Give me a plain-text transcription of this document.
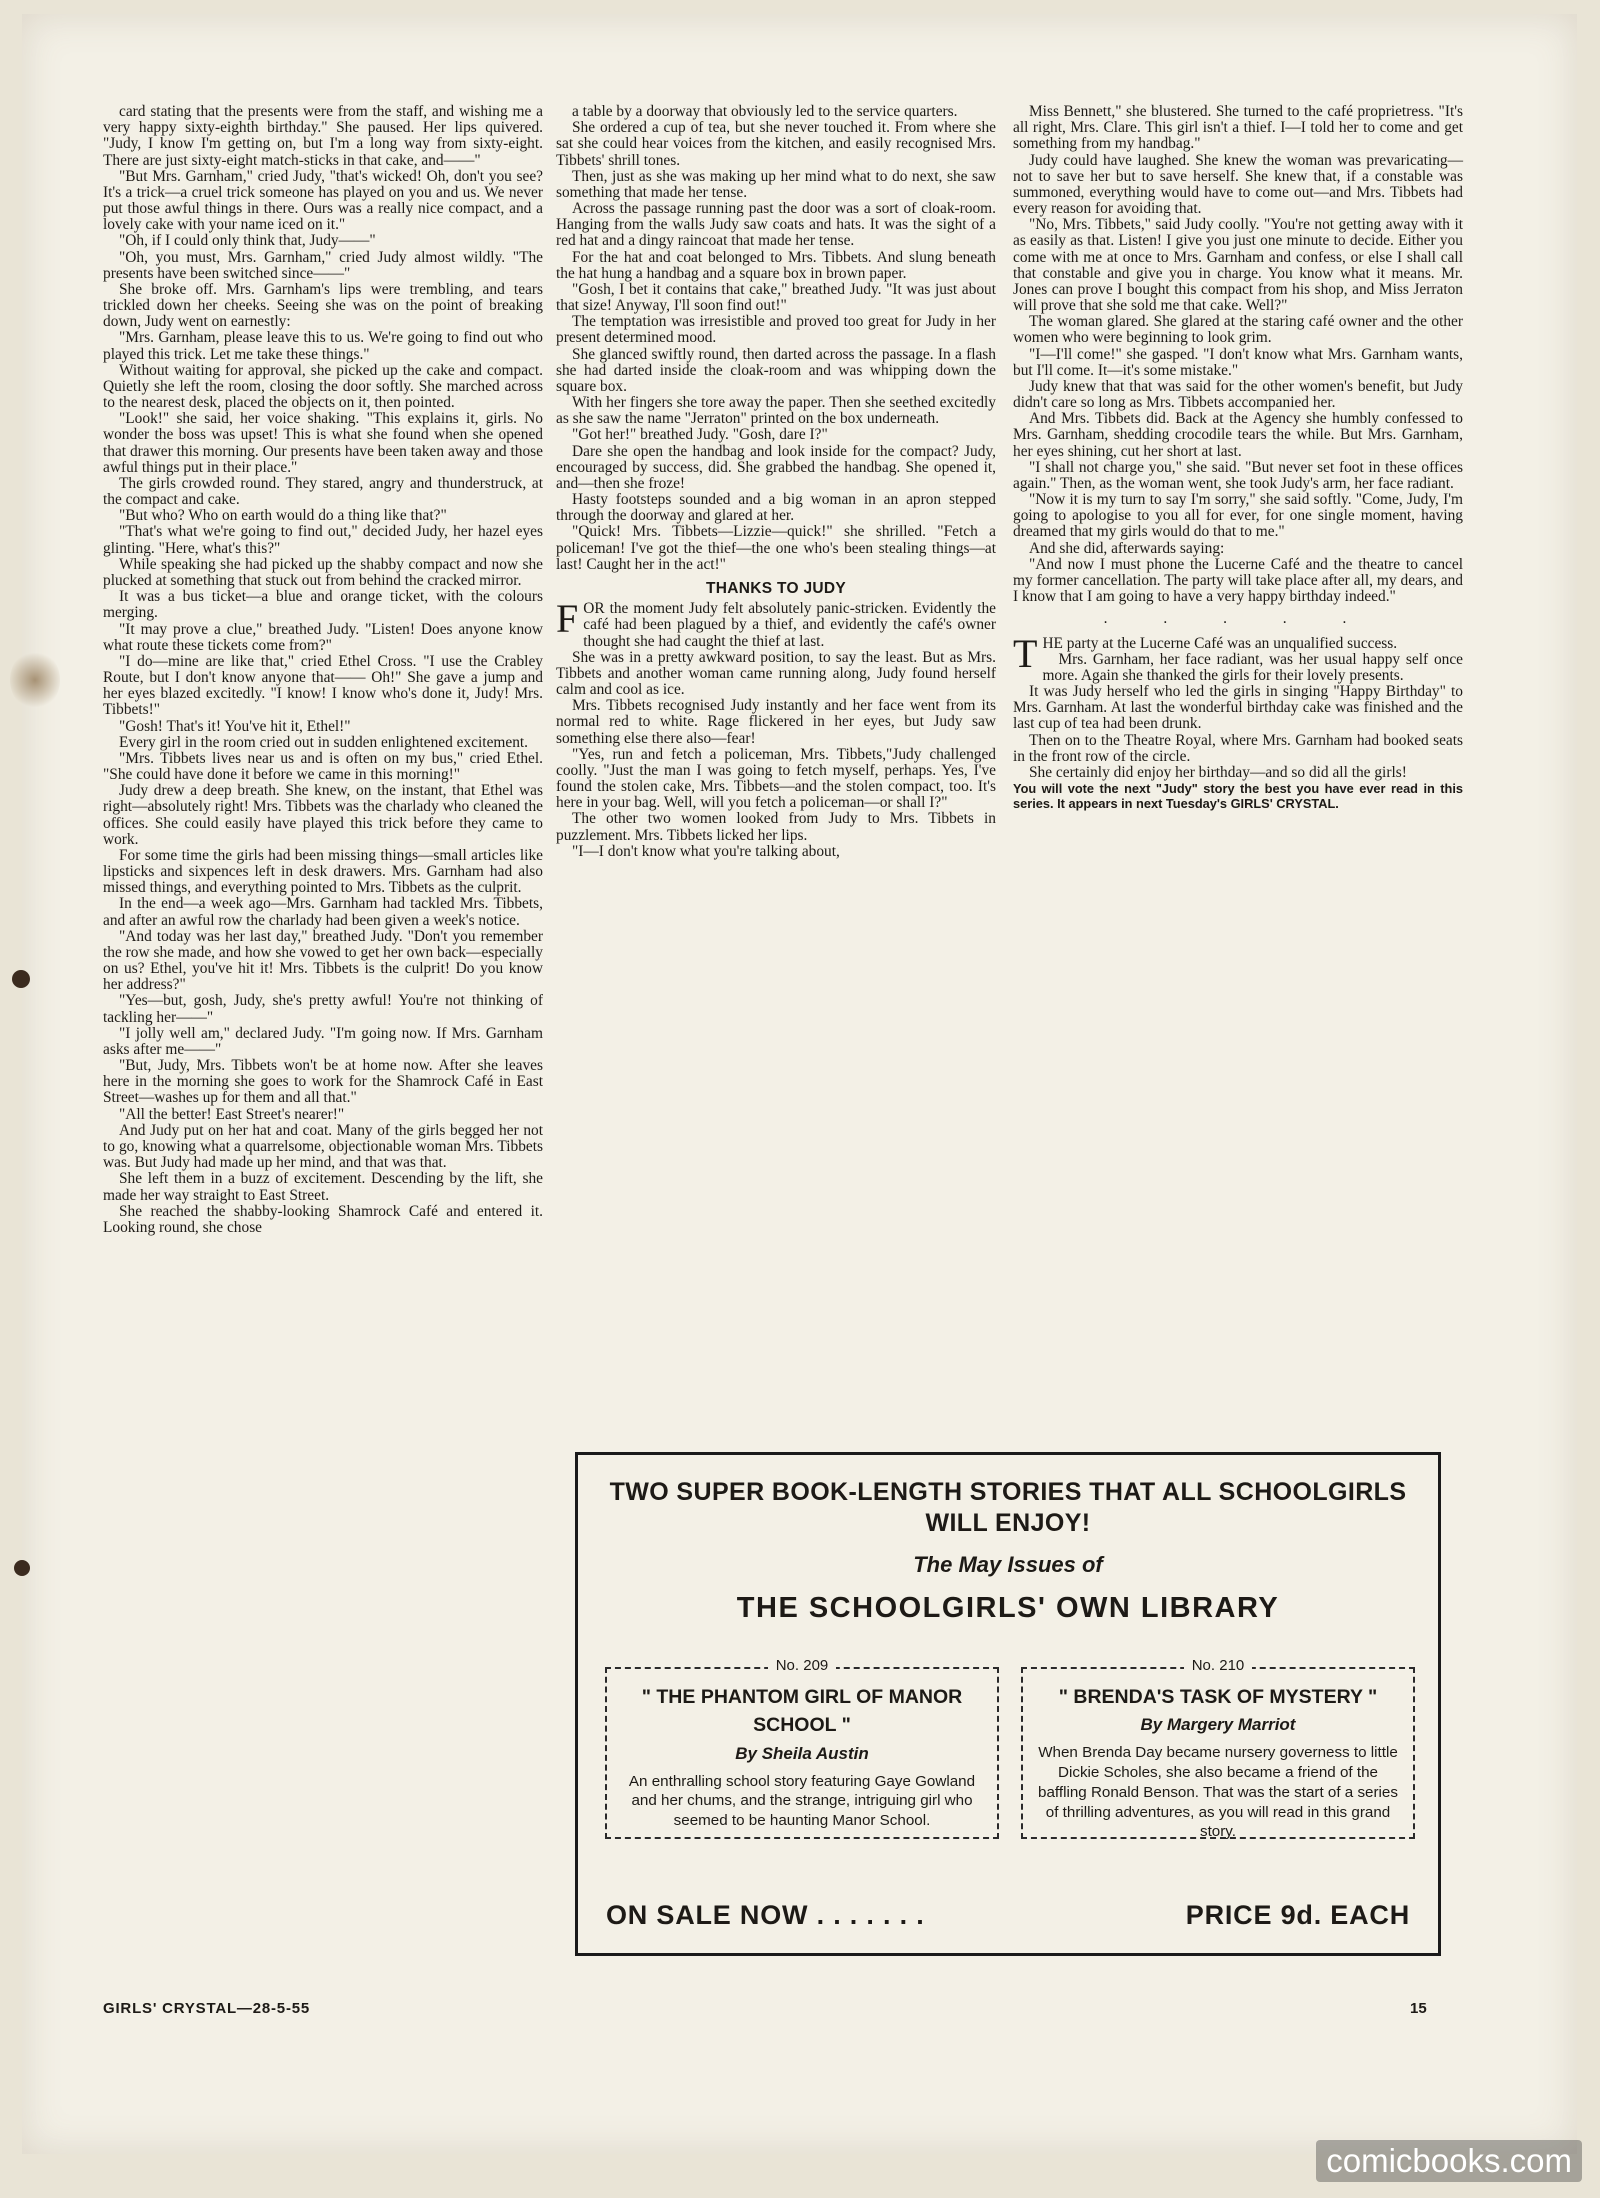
card stating that the presents were from the staff, and wishing me a very happy sixty-eighth birthday." She paused. Her lips quivered. "Judy, I know I'm getting on, but I'm a long way from sixty-eight. There are just sixty-eight match-sticks in that cake, and——"

"But Mrs. Garnham," cried Judy, "that's wicked! Oh, don't you see? It's a trick—a cruel trick someone has played on you and us. We never put those awful things in there. Ours was a really nice compact, and a lovely cake with your name iced on it."

"Oh, if I could only think that, Judy——"

"Oh, you must, Mrs. Garnham," cried Judy almost wildly. "The presents have been switched since——"

She broke off. Mrs. Garnham's lips were trembling, and tears trickled down her cheeks. Seeing she was on the point of breaking down, Judy went on earnestly:

"Mrs. Garnham, please leave this to us. We're going to find out who played this trick. Let me take these things."

Without waiting for approval, she picked up the cake and compact. Quietly she left the room, closing the door softly. She marched across to the nearest desk, placed the objects on it, then pointed.

"Look!" she said, her voice shaking. "This explains it, girls. No wonder the boss was upset! This is what she found when she opened that drawer this morning. Our presents have been taken away and those awful things put in their place."

The girls crowded round. They stared, angry and thunderstruck, at the compact and cake.

"But who? Who on earth would do a thing like that?"

"That's what we're going to find out," decided Judy, her hazel eyes glinting. "Here, what's this?"

While speaking she had picked up the shabby compact and now she plucked at something that stuck out from behind the cracked mirror.

It was a bus ticket—a blue and orange ticket, with the colours merging.

"It may prove a clue," breathed Judy. "Listen! Does anyone know what route these tickets come from?"

"I do—mine are like that," cried Ethel Cross. "I use the Crabley Route, but I don't know anyone that—— Oh!" She gave a jump and her eyes blazed excitedly. "I know! I know who's done it, Judy! Mrs. Tibbets!"

"Gosh! That's it! You've hit it, Ethel!"

Every girl in the room cried out in sudden enlightened excitement.

"Mrs. Tibbets lives near us and is often on my bus," cried Ethel. "She could have done it before we came in this morning!"

Judy drew a deep breath. She knew, on the instant, that Ethel was right—absolutely right! Mrs. Tibbets was the charlady who cleaned the offices. She could easily have played this trick before they came to work.

For some time the girls had been missing things—small articles like lipsticks and sixpences left in desk drawers. Mrs. Garnham had also missed things, and everything pointed to Mrs. Tibbets as the culprit.

In the end—a week ago—Mrs. Garnham had tackled Mrs. Tibbets, and after an awful row the charlady had been given a week's notice.

"And today was her last day," breathed Judy. "Don't you remember the row she made, and how she vowed to get her own back—especially on us? Ethel, you've hit it! Mrs. Tibbets is the culprit! Do you know her address?"

"Yes—but, gosh, Judy, she's pretty awful! You're not thinking of tackling her——"

"I jolly well am," declared Judy. "I'm going now. If Mrs. Garnham asks after me——"

"But, Judy, Mrs. Tibbets won't be at home now. After she leaves here in the morning she goes to work for the Shamrock Café in East Street—washes up for them and all that."

"All the better! East Street's nearer!"

And Judy put on her hat and coat. Many of the girls begged her not to go, knowing what a quarrelsome, objectionable woman Mrs. Tibbets was. But Judy had made up her mind, and that was that.

She left them in a buzz of excitement. Descending by the lift, she made her way straight to East Street.

She reached the shabby-looking Shamrock Café and entered it. Looking round, she chose

a table by a doorway that obviously led to the service quarters.

She ordered a cup of tea, but she never touched it. From where she sat she could hear voices from the kitchen, and easily recognised Mrs. Tibbets' shrill tones.

Then, just as she was making up her mind what to do next, she saw something that made her tense.

Across the passage running past the door was a sort of cloak-room. Hanging from the walls Judy saw coats and hats. It was the sight of a red hat and a dingy raincoat that made her tense.

For the hat and coat belonged to Mrs. Tibbets. And slung beneath the hat hung a handbag and a square box in brown paper.

"Gosh, I bet it contains that cake," breathed Judy. "It was just about that size! Anyway, I'll soon find out!"

The temptation was irresistible and proved too great for Judy in her present determined mood.

She glanced swiftly round, then darted across the passage. In a flash she had darted inside the cloak-room and was whipping down the square box.

With her fingers she tore away the paper. Then she seethed excitedly as she saw the name "Jerraton" printed on the box underneath.

"Got her!" breathed Judy. "Gosh, dare I?"

Dare she open the handbag and look inside for the compact? Judy, encouraged by success, did. She grabbed the handbag. She opened it, and—then she froze!

Hasty footsteps sounded and a big woman in an apron stepped through the doorway and glared at her.

"Quick! Mrs. Tibbets—Lizzie—quick!" she shrilled. "Fetch a policeman! I've got the thief—the one who's been stealing things—at last! Caught her in the act!"

THANKS TO JUDY

FOR the moment Judy felt absolutely panic-stricken. Evidently the café had been plagued by a thief, and evidently the café's owner thought she had caught the thief at last.

She was in a pretty awkward position, to say the least. But as Mrs. Tibbets and another woman came running along, Judy found herself calm and cool as ice.

Mrs. Tibbets recognised Judy instantly and her face went from its normal red to white. Rage flickered in her eyes, but Judy saw something else there also—fear!

"Yes, run and fetch a policeman, Mrs. Tibbets,"Judy challenged coolly. "Just the man I was going to fetch myself, perhaps. Yes, I've found the stolen cake, Mrs. Tibbets—and the stolen compact, too. It's here in your bag. Well, will you fetch a policeman—or shall I?"

The other two women looked from Judy to Mrs. Tibbets in puzzlement. Mrs. Tibbets licked her lips.

"I—I don't know what you're talking about,

Miss Bennett," she blustered. She turned to the café proprietress. "It's all right, Mrs. Clare. This girl isn't a thief. I—I told her to come and get something from my handbag."

Judy could have laughed. She knew the woman was prevaricating—not to save her but to save herself. She knew that, if a constable was summoned, everything would have to come out—and Mrs. Tibbets had every reason for avoiding that.

"No, Mrs. Tibbets," said Judy coolly. "You're not getting away with it as easily as that. Listen! I give you just one minute to decide. Either you come with me at once to Mrs. Garnham and confess, or else I shall call that constable and give you in charge. You know what it means. Mr. Jones can prove I bought this compact from his shop, and Miss Jerraton will prove that she sold me that cake. Well?"

The woman glared. She glared at the staring café owner and the other women who were beginning to look grim.

"I—I'll come!" she gasped. "I don't know what Mrs. Garnham wants, but I'll come. It—it's some mistake."

Judy knew that that was said for the other women's benefit, but Judy didn't care so long as Mrs. Tibbets accompanied her.

And Mrs. Tibbets did. Back at the Agency she humbly confessed to Mrs. Garnham, shedding crocodile tears the while. But Mrs. Garnham, her eyes shining, cut her short at last.

"I shall not charge you," she said. "But never set foot in these offices again." Then, as the woman went, she took Judy's arm, her face radiant.

"Now it is my turn to say I'm sorry," she said softly. "Come, Judy, I'm going to apologise to you all for ever, for one single moment, having dreamed that my girls would do that to me."

And she did, afterwards saying:

"And now I must phone the Lucerne Café and the theatre to cancel my former cancellation. The party will take place after all, my dears, and I know that I am going to have a very happy birthday indeed."

. . . . .

THE party at the Lucerne Café was an unqualified success.

Mrs. Garnham, her face radiant, was her usual happy self once more. Again she thanked the girls for their lovely presents.

It was Judy herself who led the girls in singing "Happy Birthday" to Mrs. Garnham. At last the wonderful birthday cake was finished and the last cup of tea had been drunk.

Then on to the Theatre Royal, where Mrs. Garnham had booked seats in the front row of the circle.

She certainly did enjoy her birthday—and so did all the girls!

You will vote the next "Judy" story the best you have ever read in this series. It appears in next Tuesday's GIRLS' CRYSTAL.

TWO SUPER BOOK-LENGTH STORIES THAT ALL SCHOOLGIRLS WILL ENJOY!
The May Issues of
THE SCHOOLGIRLS' OWN LIBRARY
No. 209
" THE PHANTOM GIRL OF MANOR SCHOOL "
By Sheila Austin
An enthralling school story featuring Gaye Gowland and her chums, and the strange, intriguing girl who seemed to be haunting Manor School.
No. 210
" BRENDA'S TASK OF MYSTERY "
By Margery Marriot
When Brenda Day became nursery governess to little Dickie Scholes, she also became a friend of the baffling Ronald Benson. That was the start of a series of thrilling adventures, as you will read in this grand story.
ON SALE NOW . . . . . . .	PRICE 9d. EACH
GIRLS' CRYSTAL—28-5-55	15
comicbooks.com
